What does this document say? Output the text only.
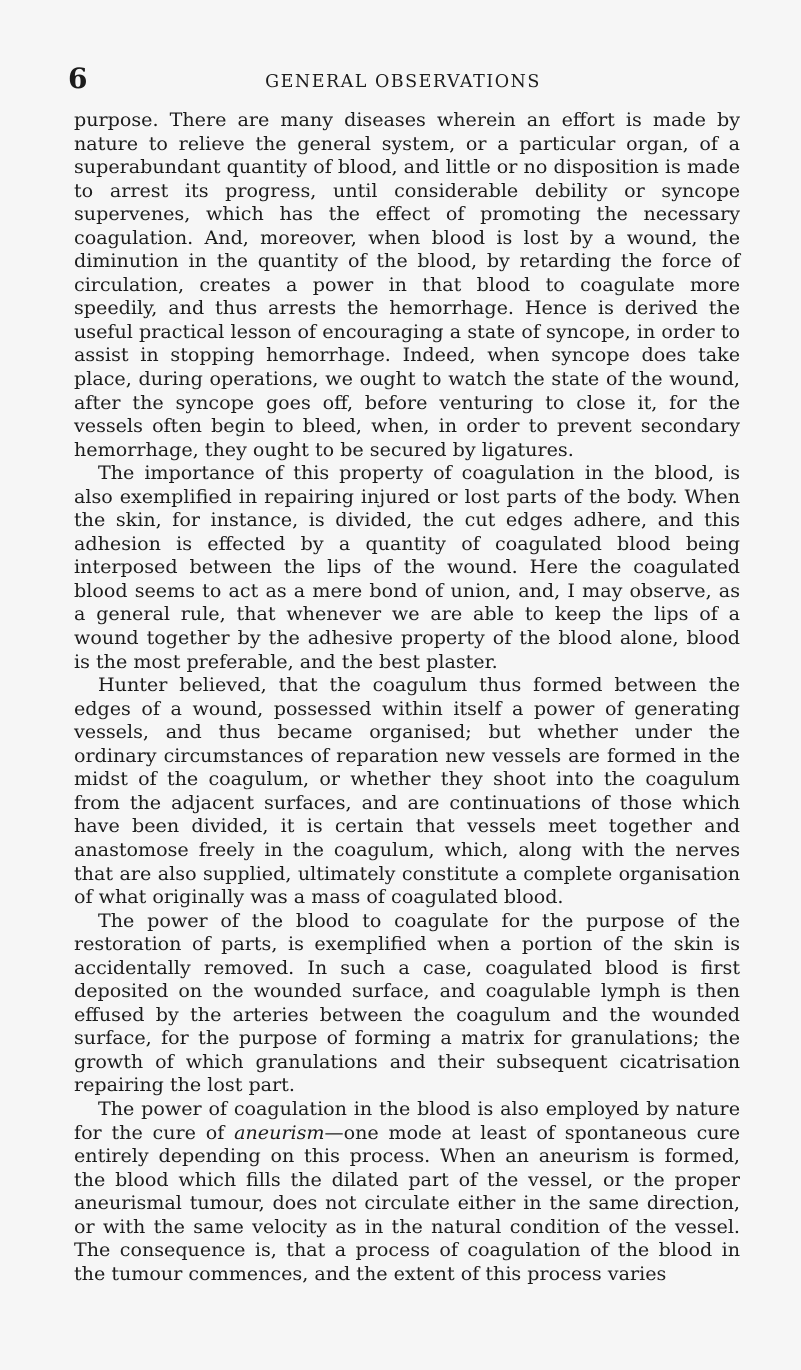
6	GENERAL OBSERVATIONS

purpose. There are many diseases wherein an effort is made by nature to relieve the general system, or a particular organ, of a superabundant quantity of blood, and little or no disposition is made to arrest its progress, until considerable debility or syncope supervenes, which has the effect of promoting the necessary coagulation. And, moreover, when blood is lost by a wound, the diminution in the quantity of the blood, by retarding the force of circulation, creates a power in that blood to coagulate more speedily, and thus arrests the hemorrhage. Hence is derived the useful practical lesson of encouraging a state of syncope, in order to assist in stopping hemorrhage. Indeed, when syncope does take place, during operations, we ought to watch the state of the wound, after the syncope goes off, before venturing to close it, for the vessels often begin to bleed, when, in order to prevent secondary hemorrhage, they ought to be secured by ligatures.

The importance of this property of coagulation in the blood, is also exemplified in repairing injured or lost parts of the body. When the skin, for instance, is divided, the cut edges adhere, and this adhesion is effected by a quantity of coagulated blood being interposed between the lips of the wound. Here the coagulated blood seems to act as a mere bond of union, and, I may observe, as a general rule, that whenever we are able to keep the lips of a wound together by the adhesive property of the blood alone, blood is the most preferable, and the best plaster.

Hunter believed, that the coagulum thus formed between the edges of a wound, possessed within itself a power of generating vessels, and thus became organised; but whether under the ordinary circumstances of reparation new vessels are formed in the midst of the coagulum, or whether they shoot into the coagulum from the adjacent surfaces, and are continuations of those which have been divided, it is certain that vessels meet together and anastomose freely in the coagulum, which, along with the nerves that are also supplied, ultimately constitute a complete organisation of what originally was a mass of coagulated blood.

The power of the blood to coagulate for the purpose of the restoration of parts, is exemplified when a portion of the skin is accidentally removed. In such a case, coagulated blood is first deposited on the wounded surface, and coagulable lymph is then effused by the arteries between the coagulum and the wounded surface, for the purpose of forming a matrix for granulations; the growth of which granulations and their subsequent cicatrisation repairing the lost part.

The power of coagulation in the blood is also employed by nature for the cure of aneurism—one mode at least of spontaneous cure entirely depending on this process. When an aneurism is formed, the blood which fills the dilated part of the vessel, or the proper aneurismal tumour, does not circulate either in the same direction, or with the same velocity as in the natural condition of the vessel. The consequence is, that a process of coagulation of the blood in the tumour commences, and the extent of this process varies
